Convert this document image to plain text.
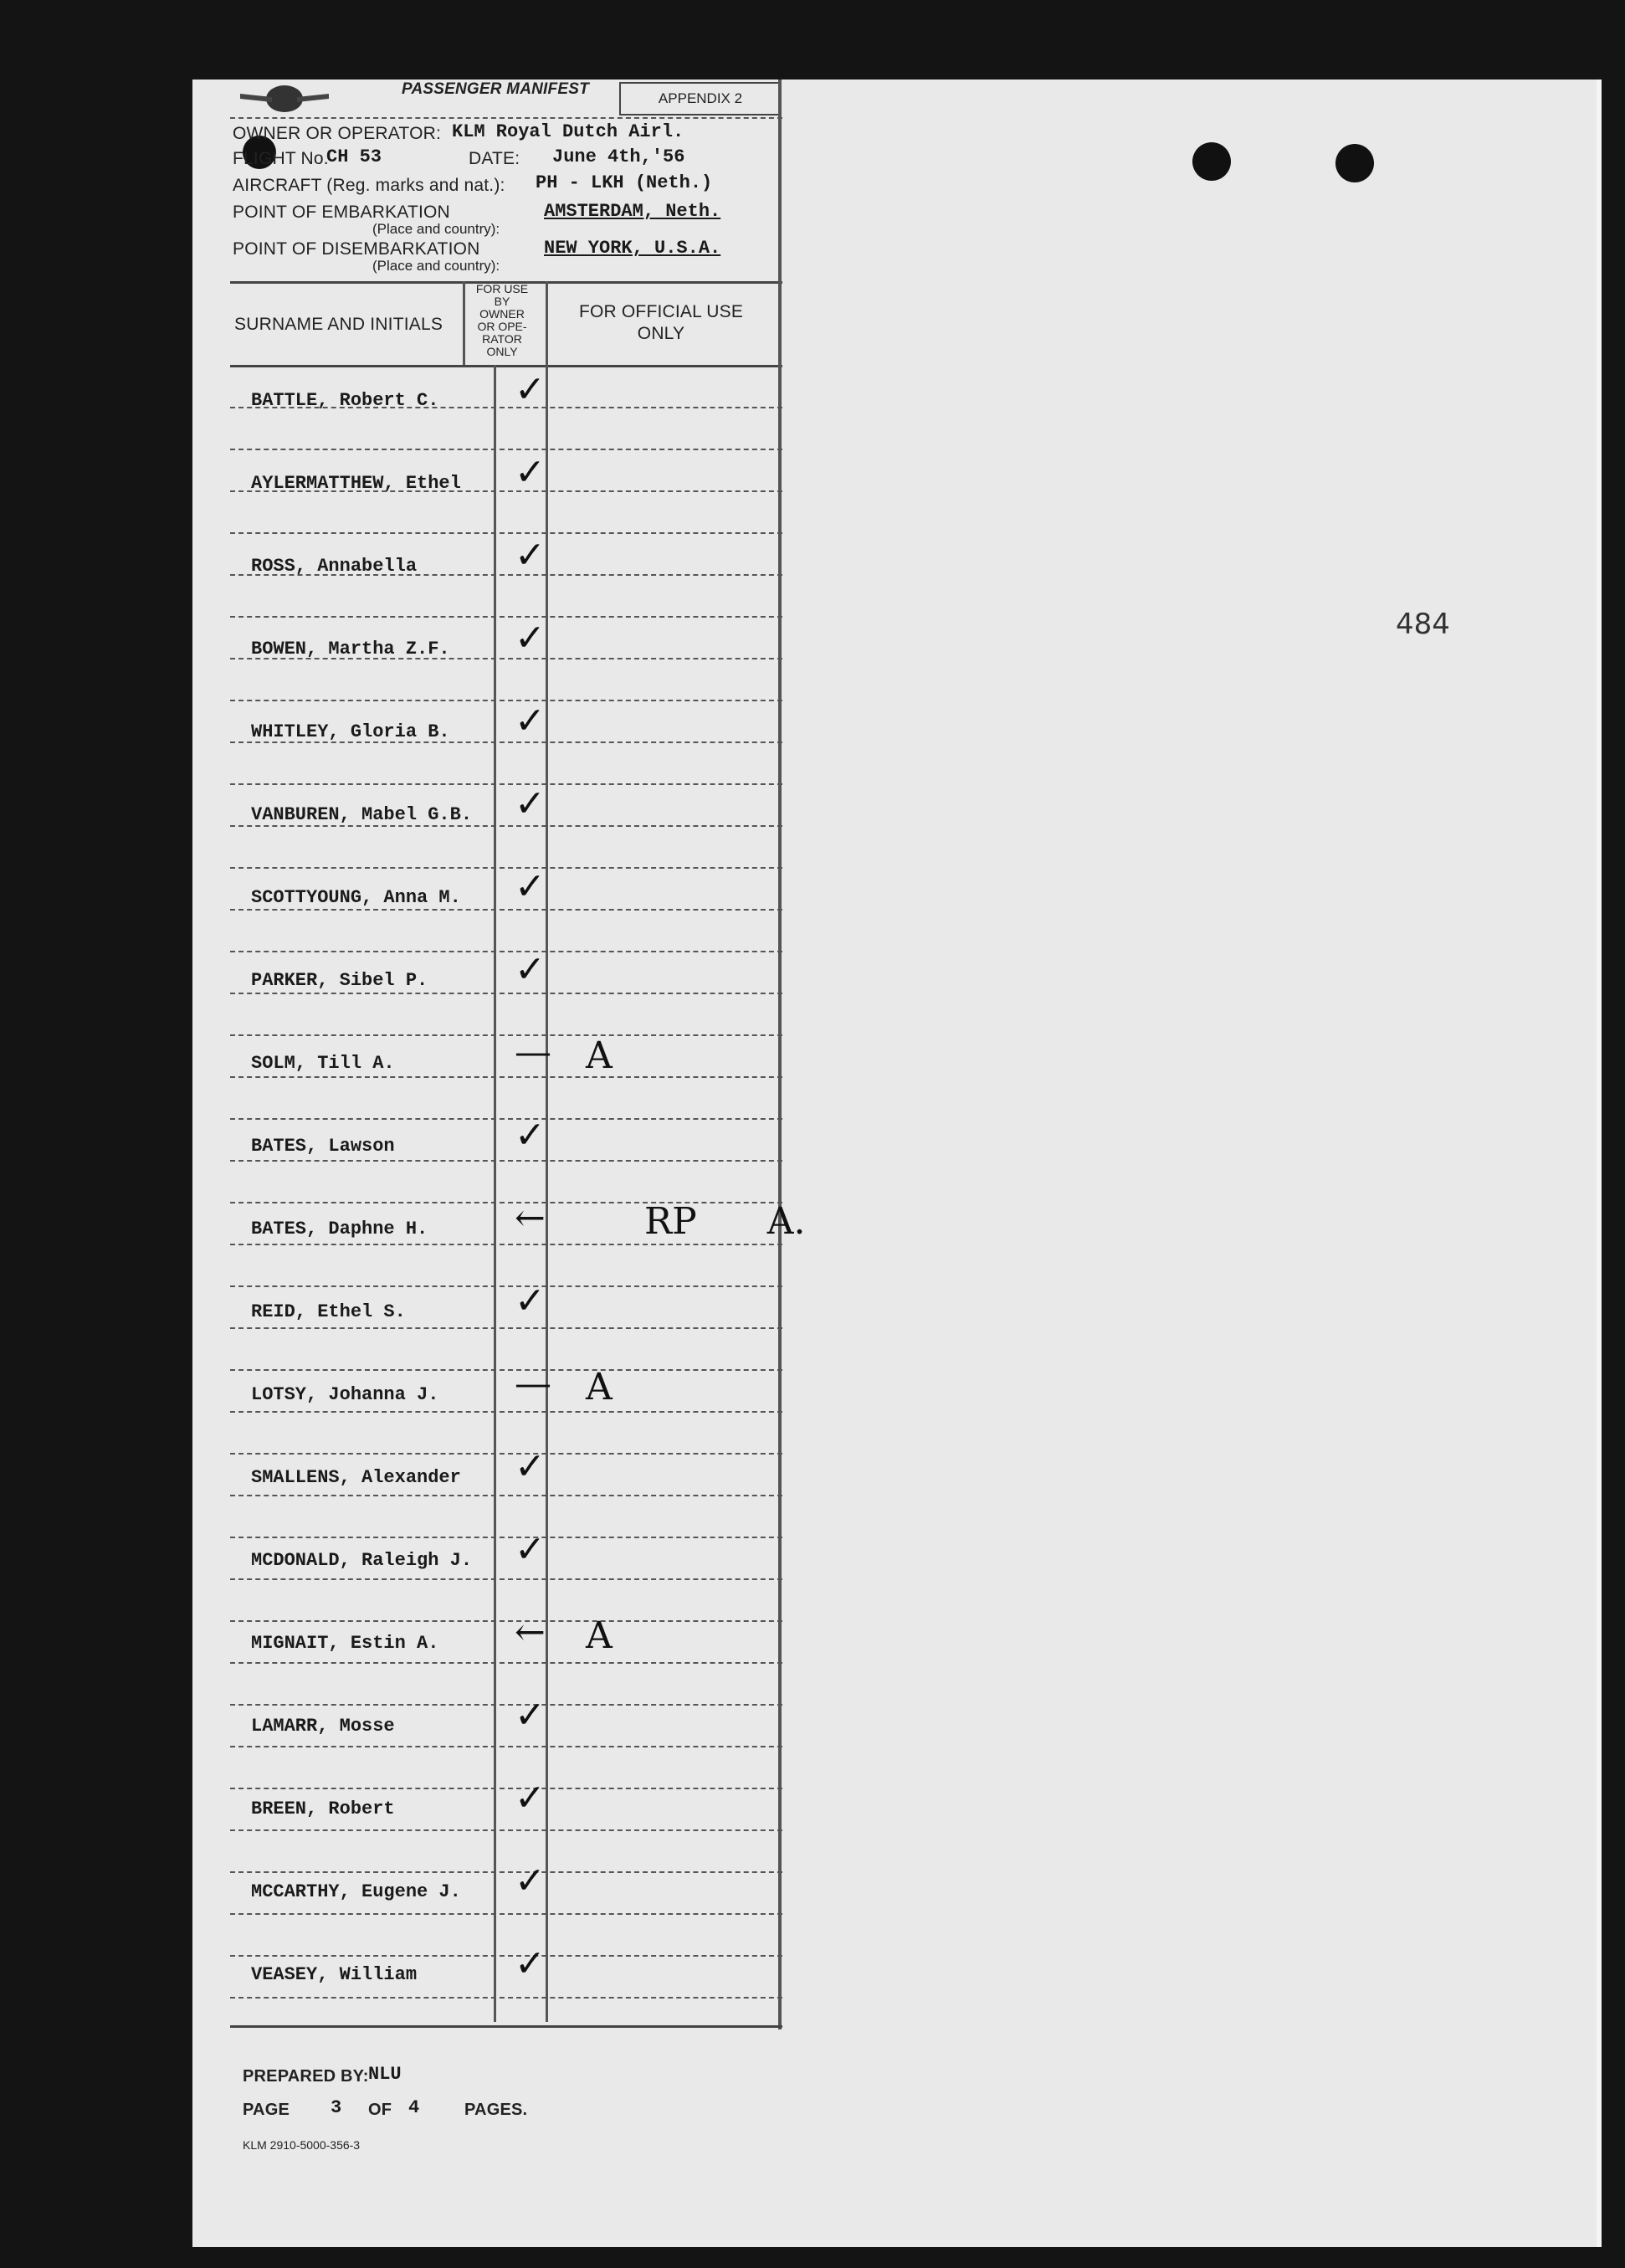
PASSENGER MANIFEST
APPENDIX 2
OWNER OR OPERATOR: KLM Royal Dutch Airl.
FLIGHT No.
CH 53	DATE: June 4th,'56
AIRCRAFT (Reg. marks and nat.): PH - LKH (Neth.)
POINT OF EMBARKATION
(Place and country):
AMSTERDAM, Neth.
POINT OF DISEMBARKATION
(Place and country):
NEW YORK, U.S.A.
SURNAME AND INITIALS
FOR USE
BY
OWNER
OR OPE-
RATOR
ONLY
FOR OFFICIAL USE
ONLY
BATTLE, Robert C. ✓
AYLERMATTHEW, Ethel ✓
ROSS, Annabella	✓
BOWEN, Martha Z.F. ✓
WHITLEY, Gloria B. ✓
VANBUREN, Mabel G.B. ✓
SCOTTYOUNG, Anna M. ✓
PARKER, Sibel P. ✓
SOLM, Till A.	— A
BATES, Lawson	✓
BATES, Daphne H. ←	RP A.
REID, Ethel S.	✓
LOTSY, Johanna J. — A
SMALLENS, Alexander ✓
MCDONALD, Raleigh J. ✓
MIGNAIT, Estin A. ← A
LAMARR, Mosse	✓
BREEN, Robert	✓
MCCARTHY, Eugene J. ✓
VEASEY, William	✓
PREPARED BY: NLU
PAGE 3 OF 4	PAGES.
KLM 2910-5000-356-3
484
